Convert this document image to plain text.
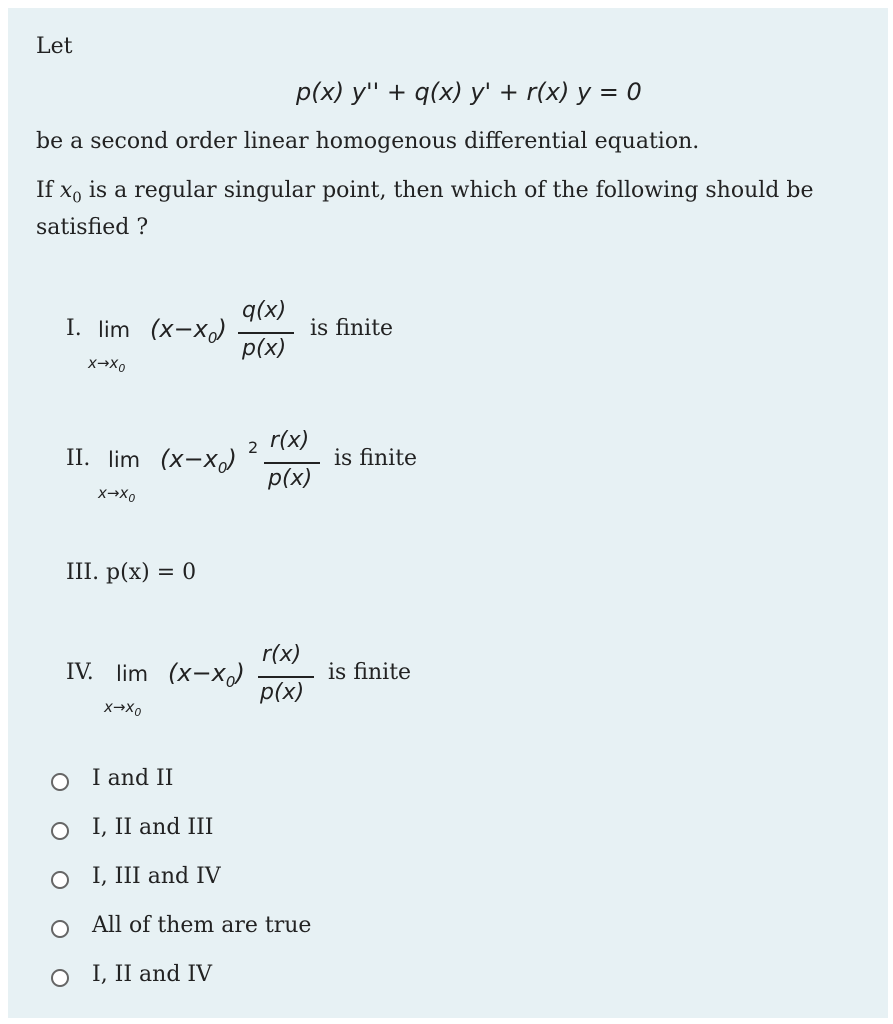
Let
p(x) y'' + q(x) y' + r(x) y = 0
be a second order linear homogenous differential equation.
If $x_0$ is a regular singular point, then which of the following should be
satisfied ?
I. lim
$x\to x_0$
$(x-x_0)$
q(x)
p(x)
is finite
II. lim
$x\to x_0$
$(x-x_0)$ 2 r(x)
p(x)
is finite
III. p(x) = 0
IV. lim
$x\to x_0$
$(x-x_0)$
r(x)
p(x)
is finite
I and II
I, II and III
I, III and IV
All of them are true
I, II and IV
